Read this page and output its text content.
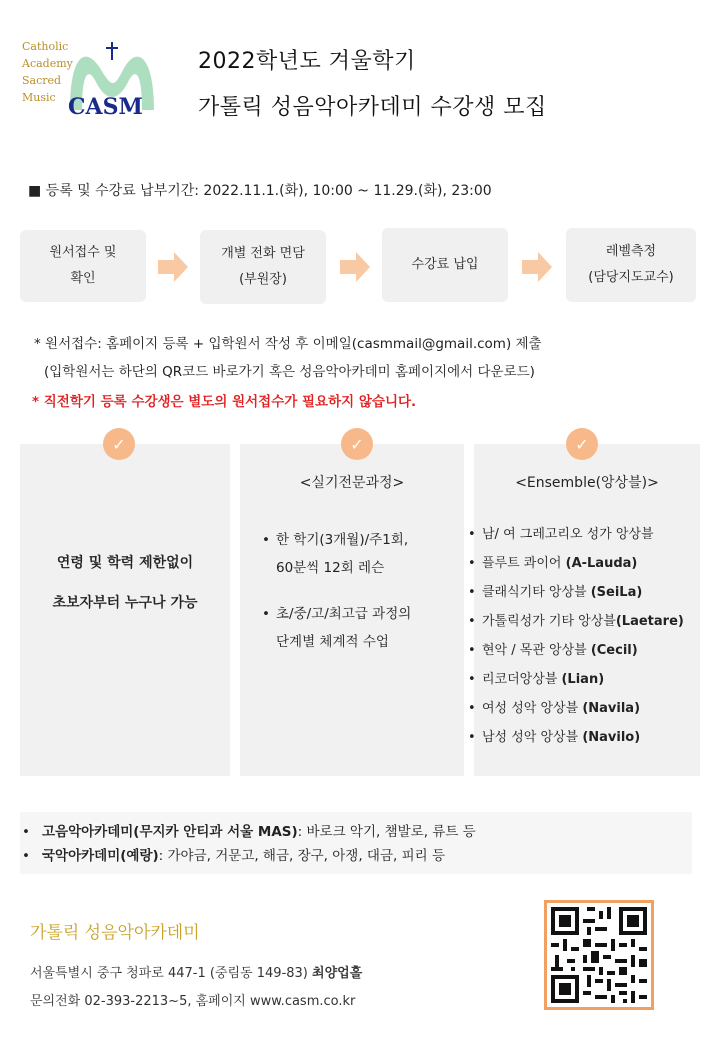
Catholic
Academy
Sacred
Music CASM
2022학년도 겨울학기
가톨릭 성음악아카데미 수강생 모집
■ 등록 및 수강료 납부기간: 2022.11.1.(화), 10:00 ~ 11.29.(화), 23:00
원서접수 및
확인
개별 전화 면담
(부원장)
수강료 납입
레벨측정
(담당지도교수)
* 원서접수: 홈페이지 등록 + 입학원서 작성 후 이메일(casmmail@gmail.com) 제출
(입학원서는 하단의 QR코드 바로가기 혹은 성음악아카데미 홈페이지에서 다운로드)
* 직전학기 등록 수강생은 별도의 원서접수가 필요하지 않습니다.
✓
연령 및 학력 제한없이
초보자부터 누구나 가능
✓
<실기전문과정>
• 한 학기(3개월)/주1회,
60분씩 12회 레슨
• 초/중/고/최고급 과정의
단계별 체계적 수업
✓
<Ensemble(앙상블)>
• 남/ 여 그레고리오 성가 앙상블
• 플루트 콰이어 (A-Lauda)
• 클래식기타 앙상블 (SeiLa)
• 가톨릭성가 기타 앙상블(Laetare)
• 현악 / 목관 앙상블 (Cecil)
• 리코더앙상블 (Lian)
• 여성 성악 앙상블 (Navila)
• 남성 성악 앙상블 (Navilo)
• 고음악아카데미(무지카 안티과 서울 MAS): 바로크 악기, 챔발로, 류트 등
• 국악아카데미(예랑): 가야금, 거문고, 해금, 장구, 아쟁, 대금, 피리 등
가톨릭 성음악아카데미
서울특별시 중구 청파로 447-1 (중림동 149-83) 최양업홀
문의전화 02-393-2213~5, 홈페이지 www.casm.co.kr
